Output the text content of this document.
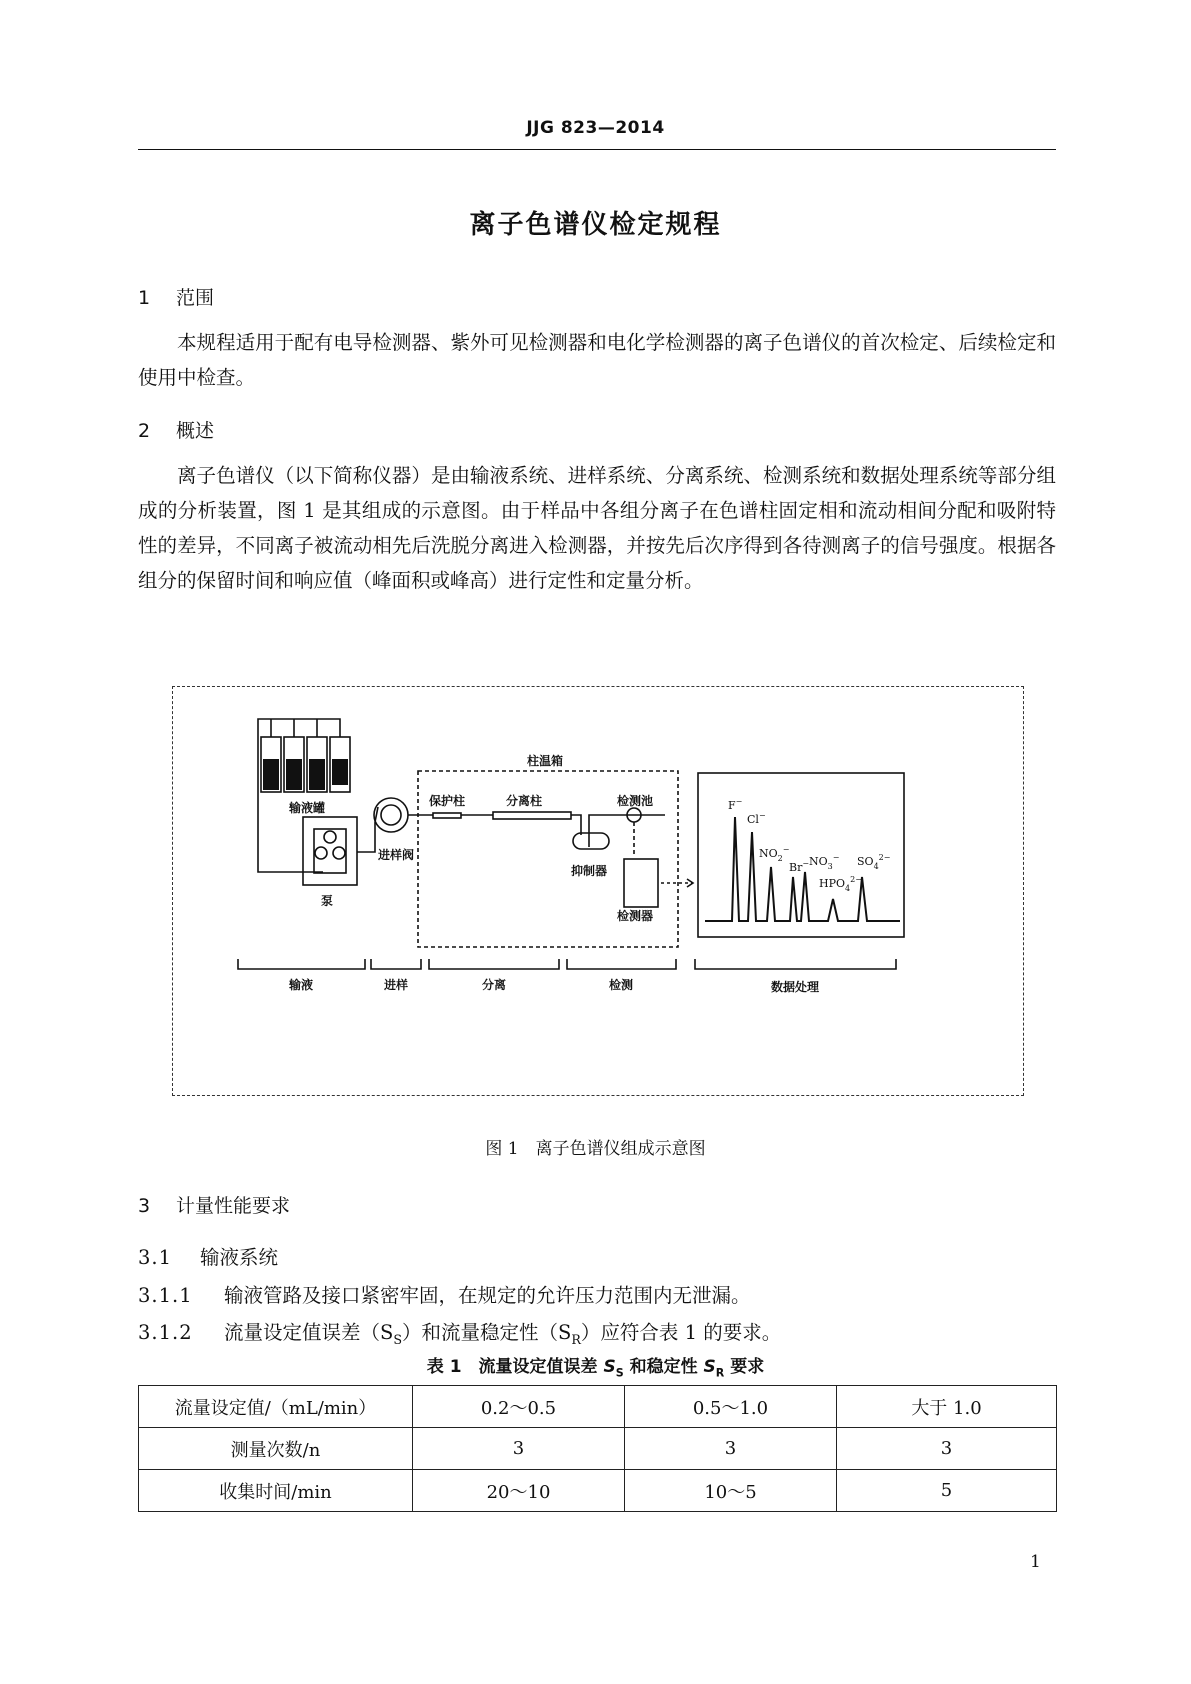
JJG 823—2014
离子色谱仪检定规程
1 范围

本规程适用于配有电导检测器、紫外可见检测器和电化学检测器的离子色谱仪的首次检定、后续检定和使用中检查。

2 概述

离子色谱仪（以下简称仪器）是由输液系统、进样系统、分离系统、检测系统和数据处理系统等部分组成的分析装置，图 1 是其组成的示意图。由于样品中各组分离子在色谱柱固定相和流动相间分配和吸附特性的差异，不同离子被流动相先后洗脱分离进入检测器，并按先后次序得到各待测离子的信号强度。根据各组分的保留时间和响应值（峰面积或峰高）进行定性和定量分析。

输液罐
泵
进样阀
柱温箱
保护柱	分离柱	检测池
抑制器
检测器
F−
Cl−
$NO_2^-$
Br− $NO_3^-$
$HPO_4^{2-}$
$SO_4^{2-}$
输液	进样	分离	检测	数据处理
图 1　离子色谱仪组成示意图
3 计量性能要求
3.1 输液系统
3.1.1 输液管路及接口紧密牢固，在规定的允许压力范围内无泄漏。
3.1.2 流量设定值误差$(S_S)$和流量稳定性$(S_R)$应符合表 1 的要求。
表 1　流量设定值误差 $S_S$ 和稳定性 $S_R$ 要求
流量设定值/（mL/min）	0.2～0.5	0.5～1.0	大于 1.0
测量次数/n	3	3	3
收集时间/min	20～10	10～5	5
1
